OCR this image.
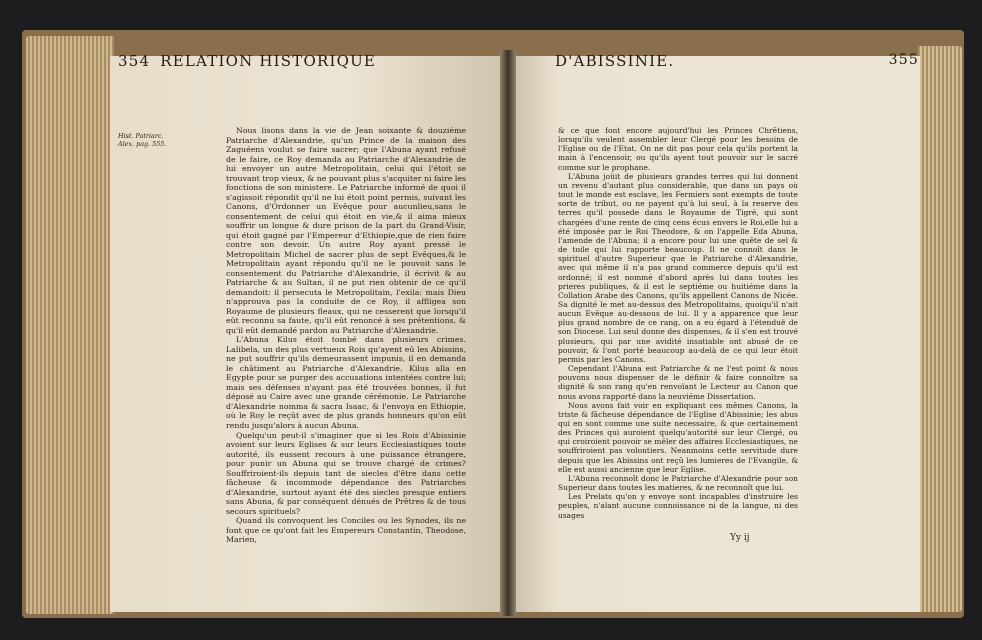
354 RELATION HISTORIQUE	D'ABISSINIE.	355
Hist. Patriarc. Alex. pag. 555.

Nous lisons dans la vie de Jean soixante & douziéme Patriarche d'Alexandrie, qu'un Prince de la maison des Zaguéens voulut se faire sacrer; que l'Abuna ayant refusé de le faire, ce Roy demanda au Patriarche d'Alexandrie de lui envoyer un autre Metropolitain, celui qui l'étoit se trouvant trop vieux, & ne pouvant plus s'acquiter ni faire les fonctions de son ministere. Le Patriarche informé de quoi il s'agissoit répondit qu'il ne lui étoit point permis, suivant les Canons, d'Ordonner un Evêque pour aucunlieu,sans le consentement de celui qui étoit en vie,& il aima mieux souffrir un longue & dure prison de la part du Grand-Visir, qui étoit gagné par l'Empereur d'Ethiopie,que de rien faire contre son devoir. Un autre Roy ayant pressé le Metropolitain Michel de sacrer plus de sept Evêques,& le Metropolitain ayant répondu qu'il ne le pouvoit sans le consentement du Patriarche d'Alexandrie, il écrivit & au Patriarche & au Sultan, il ne put rien obtenir de ce qu'il demandoit: il persecuta le Metropolitain, l'exila: mais Dieu n'approuva pas la conduite de ce Roy, il affligea son Royaume de plusieurs fleaux, qui ne cesserent que lorsqu'il eût reconnu sa faute, qu'il eût renoncé à ses prétentions, & qu'il eût demandé pardon au Patriarche d'Alexandrie.

L'Abuna Kilus étoit tombé dans plusieurs crimes. Lalibela, un des plus vertueux Rois qu'ayent eû les Abissins, ne put souffrir qu'ils demeurassent impunis, il en demanda le châtiment au Patriarche d'Alexandrie. Kilus alla en Egypte pour se purger des accusations intentées contre lui; mais ses défenses n'ayant pas été trouvées bonnes, il fut déposé au Caire avec une grande cérémonie. Le Patriarche d'Alexandrie nomma & sacra Isaac, & l'envoya en Ethiopie, où le Roy le reçût avec de plus grands honneurs qu'on eût rendu jusqu'alors à aucun Abuna.

Quelqu'un peut-il s'imaginer que si les Rois d'Abissinie avoient sur leurs Eglises & sur leurs Ecclesiastiques toute autorité, ils eussent recours à une puissance étrangere, pour punir un Abuna qui se trouve chargé de crimes? Souffriroient-ils depuis tant de siecles d'être dans cette fâcheuse & incommode dépendance des Patriarches d'Alexandrie, surtout ayant été des siecles presque entiers sans Abuna, & par conséquent dénués de Prêtres & de tous secours spirituels?

Quand ils convoquent les Conciles ou les Synodes, ils ne font que ce qu'ont fait les Empereurs Constantin, Theodose, Marien,

& ce que font encore aujourd'hui les Princes Chrêtiens, lorsqu'ils veulent assembler leur Clergé pour les besoins de l'Eglise ou de l'Etat. On ne dit pas pour cela qu'ils portent la main à l'encensoir, ou qu'ils ayent tout pouvoir sur le sacré comme sur le prophane.

L'Abuna joüit de plusieurs grandes terres qui lui donnent un revenu d'autant plus considerable, que dans un pays où tout le monde est esclave, les Fermiers sont exempts de toute sorte de tribut, ou ne payent qu'à lui seul, à la reserve des terres qu'il possede dans le Royaume de Tigré, qui sont chargées d'une rente de cinq cens écus envers le Roi,elle lui a été imposée par le Roi Theodore, & on l'appelle Eda Abuna, l'amende de l'Abuna; il a encore pour lui une quête de sel & de toile qui lui rapporte beaucoup. Il ne connoît dans le spirituel d'autre Superieur que le Patriarche d'Alexandrie, avec qui même il n'a pas grand commerce depuis qu'il est ordonné; il est nommé d'abord après lui dans toutes les prieres publiques, & il est le septiéme ou huitiéme dans la Collation Arabe des Canons, qu'ils appellent Canons de Nicée. Sa dignité le met au-dessus des Metropolitains, quoiqu'il n'ait aucun Evêque au-dessous de lui. Il y a apparence que leur plus grand nombre de ce rang, on a eu égard à l'étenduë de son Diocese. Lui seul donne des dispenses, & il s'en est trouvé plusieurs, qui par une avidité insatiable ont abusé de ce pouvoir, & l'ont porté beaucoup au-delà de ce qui leur étoit permis par les Canons.

Cependant l'Abuna est Patriarche & ne l'est point & nous pouvons nous dispenser de le définir & faire connoître sa dignité & son rang qu'en renvoïant le Lecteur au Canon que nous avons rapporté dans la neuviéme Dissertation.

Nous avons fait voir en expliquant ces mêmes Canons, la triste & fâcheuse dépendance de l'Eglise d'Abissinie; les abus qui en sont comme une suite necessaire, & que certainement des Princes qui auroient quelqu'autorité sur leur Clergé, ou qui croiroient pouvoir se mêler des affaires Ecclesiastiques, ne souffriroient pas volontiers. Neanmoins cette servitude dure depuis que les Abissins ont reçû les lumieres de l'Evangile, & elle est aussi ancienne que leur Eglise.

L'Abuna reconnoît donc le Patriarche d'Alexandrie pour son Superieur dans toutes les matieres, & ne reconnoît que lui.

Les Prelats qu'on y envoye sont incapables d'instruire les peuples, n'aïant aucune connoissance ni de la langue, ni des usages

Yy ij
